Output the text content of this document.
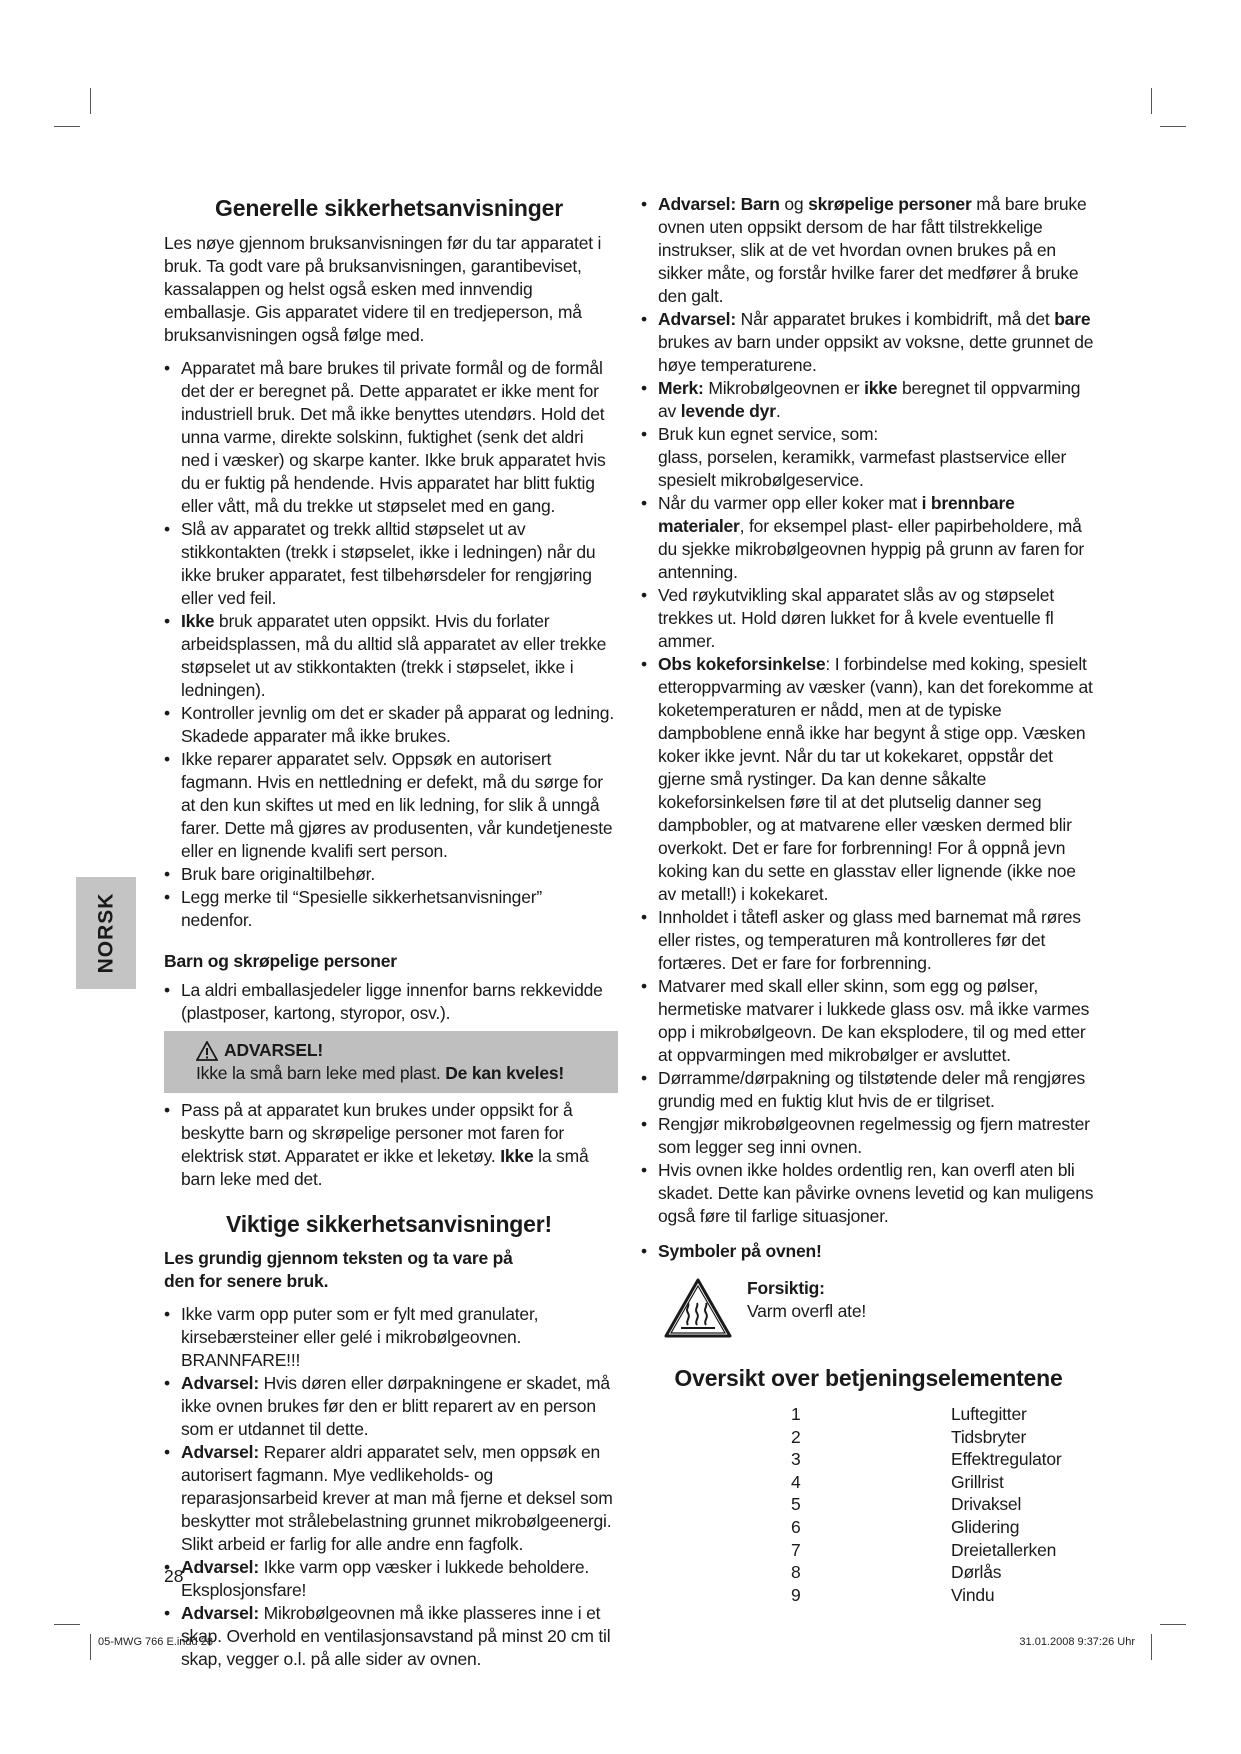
NORSK
Generelle sikkerhetsanvisninger

Les nøye gjennom bruksanvisningen før du tar apparatet i bruk. Ta godt vare på bruksanvisningen, garantibeviset, kassalappen og helst også esken med innvendig emballasje. Gis apparatet videre til en tredjeperson, må bruksanvisningen også følge med.

• Apparatet må bare brukes til private formål og de formål det der er beregnet på. Dette apparatet er ikke ment for industriell bruk. Det må ikke benyttes utendørs. Hold det unna varme, direkte solskinn, fuktighet (senk det aldri ned i væsker) og skarpe kanter. Ikke bruk apparatet hvis du er fuktig på hendende. Hvis apparatet har blitt fuktig eller vått, må du trekke ut støpselet med en gang.
• Slå av apparatet og trekk alltid støpselet ut av stikkontakten (trekk i støpselet, ikke i ledningen) når du ikke bruker apparatet, fest tilbehørsdeler for rengjøring eller ved feil.
• Ikke bruk apparatet uten oppsikt. Hvis du forlater arbeidsplassen, må du alltid slå apparatet av eller trekke støpselet ut av stikkontakten (trekk i støpselet, ikke i ledningen).
• Kontroller jevnlig om det er skader på apparat og ledning. Skadede apparater må ikke brukes.
• Ikke reparer apparatet selv. Oppsøk en autorisert fagmann. Hvis en nettledning er defekt, må du sørge for at den kun skiftes ut med en lik ledning, for slik å unngå farer. Dette må gjøres av produsenten, vår kundetjeneste eller en lignende kvalifi sert person.
• Bruk bare originaltilbehør.
• Legg merke til “Spesielle sikkerhetsanvisninger” nedenfor.
Barn og skrøpelige personer
• La aldri emballasjedeler ligge innenfor barns rekkevidde (plastposer, kartong, styropor, osv.).
ADVARSEL!
Ikke la små barn leke med plast. De kan kveles!
• Pass på at apparatet kun brukes under oppsikt for å beskytte barn og skrøpelige personer mot faren for elektrisk støt. Apparatet er ikke et leketøy. Ikke la små barn leke med det.
Viktige sikkerhetsanvisninger!
Les grundig gjennom teksten og ta vare på den for senere bruk.
• Ikke varm opp puter som er fylt med granulater, kirsebærsteiner eller gelé i mikrobølgeovnen. BRANNFARE!!!
• Advarsel: Hvis døren eller dørpakningene er skadet, må ikke ovnen brukes før den er blitt reparert av en person som er utdannet til dette.
• Advarsel: Reparer aldri apparatet selv, men oppsøk en autorisert fagmann. Mye vedlikeholds- og reparasjonsarbeid krever at man må fjerne et deksel som beskytter mot strålebelastning grunnet mikrobølgeenergi. Slikt arbeid er farlig for alle andre enn fagfolk.
• Advarsel: Ikke varm opp væsker i lukkede beholdere. Eksplosjonsfare!
• Advarsel: Mikrobølgeovnen må ikke plasseres inne i et skap. Overhold en ventilasjonsavstand på minst 20 cm til skap, vegger o.l. på alle sider av ovnen.
• Advarsel: Barn og skrøpelige personer må bare bruke ovnen uten oppsikt dersom de har fått tilstrekkelige instrukser, slik at de vet hvordan ovnen brukes på en sikker måte, og forstår hvilke farer det medfører å bruke den galt.
• Advarsel: Når apparatet brukes i kombidrift, må det bare brukes av barn under oppsikt av voksne, dette grunnet de høye temperaturene.
• Merk: Mikrobølgeovnen er ikke beregnet til oppvarming av levende dyr.
• Bruk kun egnet service, som:

glass, porselen, keramikk, varmefast plastservice eller spesielt mikrobølgeservice.
• Når du varmer opp eller koker mat i brennbare materialer, for eksempel plast- eller papirbeholdere, må du sjekke mikrobølgeovnen hyppig på grunn av faren for antenning.
• Ved røykutvikling skal apparatet slås av og støpselet trekkes ut. Hold døren lukket for å kvele eventuelle fl ammer.
• Obs kokeforsinkelse: I forbindelse med koking, spesielt etteroppvarming av væsker (vann), kan det forekomme at koketemperaturen er nådd, men at de typiske dampboblene ennå ikke har begynt å stige opp. Væsken koker ikke jevnt. Når du tar ut kokekaret, oppstår det gjerne små rystinger. Da kan denne såkalte kokeforsinkelsen føre til at det plutselig danner seg dampbobler, og at matvarene eller væsken dermed blir overkokt. Det er fare for forbrenning! For å oppnå jevn koking kan du sette en glasstav eller lignende (ikke noe av metall!) i kokekaret.
• Innholdet i tåtefl asker og glass med barnemat må røres eller ristes, og temperaturen må kontrolleres før det fortæres. Det er fare for forbrenning.
• Matvarer med skall eller skinn, som egg og pølser, hermetiske matvarer i lukkede glass osv. må ikke varmes opp i mikrobølgeovn. De kan eksplodere, til og med etter at oppvarmingen med mikrobølger er avsluttet.
• Dørramme/dørpakning og tilstøtende deler må rengjøres grundig med en fuktig klut hvis de er tilgriset.
• Rengjør mikrobølgeovnen regelmessig og fjern matrester som legger seg inni ovnen.
• Hvis ovnen ikke holdes ordentlig ren, kan overfl aten bli skadet. Dette kan påvirke ovnens levetid og kan muligens også føre til farlige situasjoner.
• Symboler på ovnen!
Forsiktig:
Varm overfl ate!
Oversikt over betjeningselementene
1	Luftegitter
2	Tidsbryter
3	Effektregulator
4	Grillrist
5	Drivaksel
6	Glidering
7	Dreietallerken
8	Dørlås
9	Vindu
28
05-MWG 766 E.indd 28	31.01.2008 9:37:26 Uhr
